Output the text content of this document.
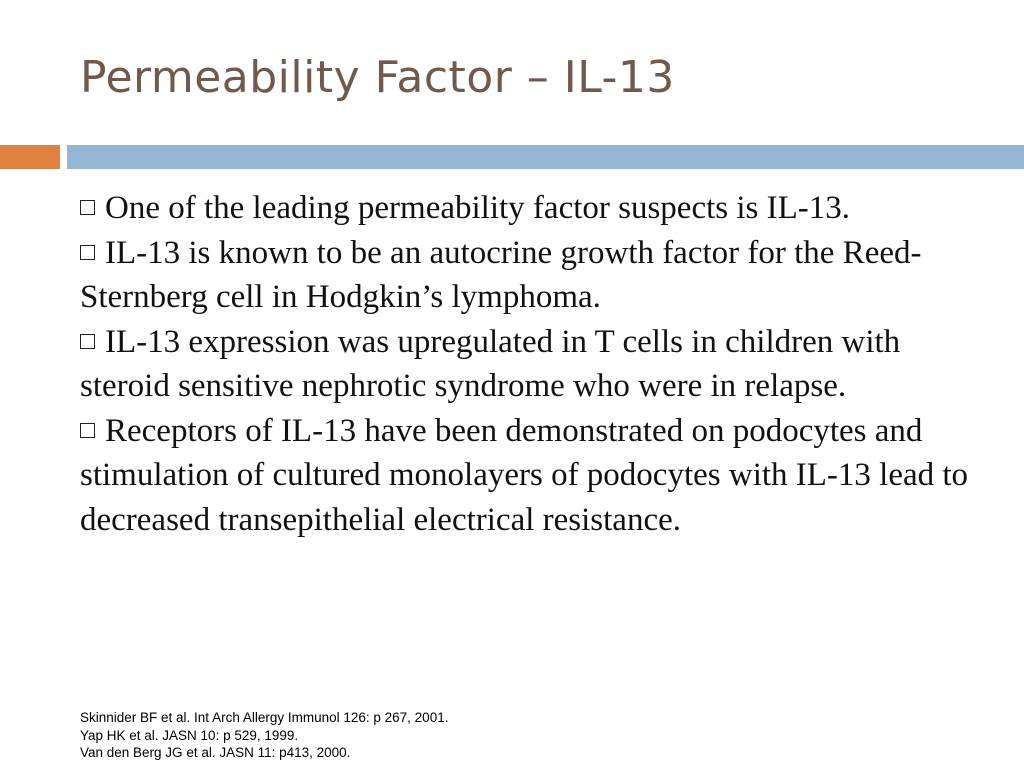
Permeability Factor – IL-13

One of the leading permeability factor suspects is IL-13.

IL-13 is known to be an autocrine growth factor for the Reed-Sternberg cell in Hodgkin’s lymphoma.

IL-13 expression was upregulated in T cells in children with steroid sensitive nephrotic syndrome who were in relapse.

Receptors of IL-13 have been demonstrated on podocytes and stimulation of cultured monolayers of podocytes with IL-13 lead to decreased transepithelial electrical resistance.

Skinnider BF et al. Int Arch Allergy Immunol 126: p 267, 2001.
Yap HK et al. JASN 10: p 529, 1999.
Van den Berg JG et al. JASN 11: p413, 2000.
